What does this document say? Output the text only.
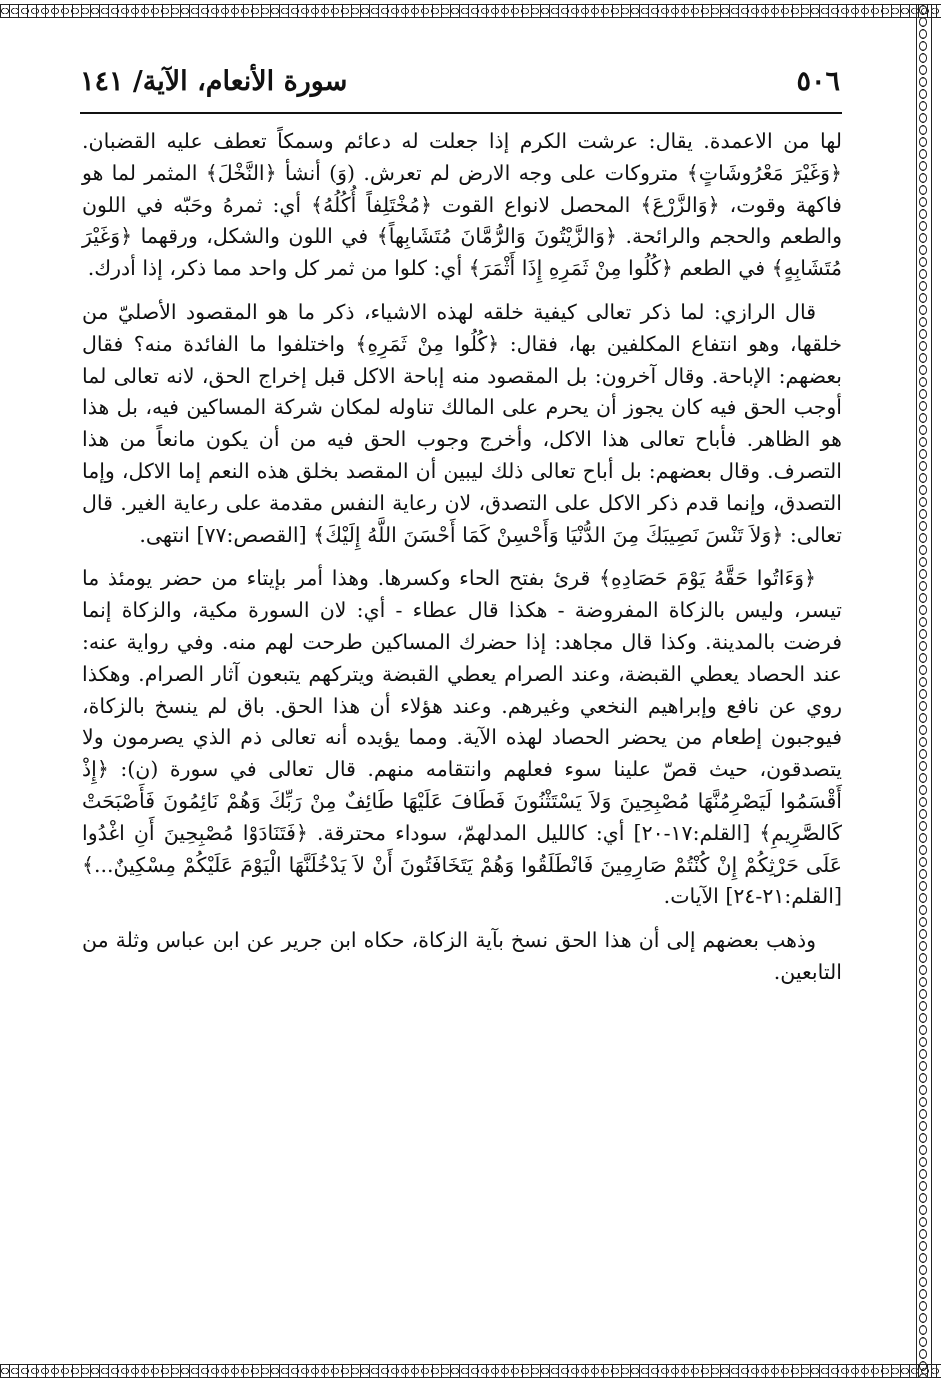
٥٠٦
سورة الأنعام، الآية/ ١٤١

لها من الاعمدة. يقال: عرشت الكرم إذا جعلت له دعائم وسمكاً تعطف عليه القضبان. ﴿وَغَيْرَ مَعْرُوشَاتٍ﴾ متروكات على وجه الارض لم تعرش. (وَ) أنشأ ﴿النَّخْلَ﴾ المثمر لما هو فاكهة وقوت، ﴿وَالزَّرْعَ﴾ المحصل لانواع القوت ﴿مُخْتَلِفاً أُكُلُهُ﴾ أي: ثمرهُ وحَبّه في اللون والطعم والحجم والرائحة. ﴿وَالزَّيْتُونَ وَالرُّمَّانَ مُتَشَابِهاً﴾ في اللون والشكل، ورقهما ﴿وَغَيْرَ مُتَشَابِهٍ﴾ في الطعم ﴿كُلُوا مِنْ ثَمَرِهِ إِذَا أَثْمَرَ﴾ أي: كلوا من ثمر كل واحد مما ذكر، إذا أدرك.

قال الرازي: لما ذكر تعالى كيفية خلقه لهذه الاشياء، ذكر ما هو المقصود الأصليّ من خلقها، وهو انتفاع المكلفين بها، فقال: ﴿كُلُوا مِنْ ثَمَرِهِ﴾ واختلفوا ما الفائدة منه؟ فقال بعضهم: الإباحة. وقال آخرون: بل المقصود منه إباحة الاكل قبل إخراج الحق، لانه تعالى لما أوجب الحق فيه كان يجوز أن يحرم على المالك تناوله لمكان شركة المساكين فيه، بل هذا هو الظاهر. فأباح تعالى هذا الاكل، وأخرج وجوب الحق فيه من أن يكون مانعاً من هذا التصرف. وقال بعضهم: بل أباح تعالى ذلك ليبين أن المقصد بخلق هذه النعم إما الاكل، وإما التصدق، وإنما قدم ذكر الاكل على التصدق، لان رعاية النفس مقدمة على رعاية الغير. قال تعالى: ﴿وَلاَ تَنْسَ نَصِيبَكَ مِنَ الدُّنْيَا وَأَحْسِنْ كَمَا أَحْسَنَ اللَّهُ إِلَيْكَ﴾ [القصص:٧٧] انتهى.

﴿وَءَاتُوا حَقَّهُ يَوْمَ حَصَادِهِ﴾ قرئ بفتح الحاء وكسرها. وهذا أمر بإيتاء من حضر يومئذ ما تيسر، وليس بالزكاة المفروضة - هكذا قال عطاء - أي: لان السورة مكية، والزكاة إنما فرضت بالمدينة. وكذا قال مجاهد: إذا حضرك المساكين طرحت لهم منه. وفي رواية عنه: عند الحصاد يعطي القبضة، وعند الصرام يعطي القبضة ويتركهم يتبعون آثار الصرام. وهكذا روي عن نافع وإبراهيم النخعي وغيرهم. وعند هؤلاء أن هذا الحق. باق لم ينسخ بالزكاة، فيوجبون إطعام من يحضر الحصاد لهذه الآية. ومما يؤيده أنه تعالى ذم الذي يصرمون ولا يتصدقون، حيث قصّ علينا سوء فعلهم وانتقامه منهم. قال تعالى في سورة (ن): ﴿إِذْ أَقْسَمُوا لَيَصْرِمُنَّهَا مُصْبِحِينَ وَلاَ يَسْتَثْنُونَ فَطَافَ عَلَيْهَا طَائِفٌ مِنْ رَبِّكَ وَهُمْ نَائِمُونَ فَأَصْبَحَتْ كَالصَّرِيمِ﴾ [القلم:١٧-٢٠] أي: كالليل المدلهمّ، سوداء محترقة. ﴿فَتَنَادَوْا مُصْبِحِينَ أَنِ اغْدُوا عَلَى حَرْثِكُمْ إِنْ كُنْتُمْ صَارِمِينَ فَانْطَلَقُوا وَهُمْ يَتَخَافَتُونَ أَنْ لاَ يَدْخُلَنَّهَا الْيَوْمَ عَلَيْكُمْ مِسْكِينٌ...﴾ [القلم:٢١-٢٤] الآيات.

وذهب بعضهم إلى أن هذا الحق نسخ بآية الزكاة، حكاه ابن جرير عن ابن عباس وثلة من التابعين.
